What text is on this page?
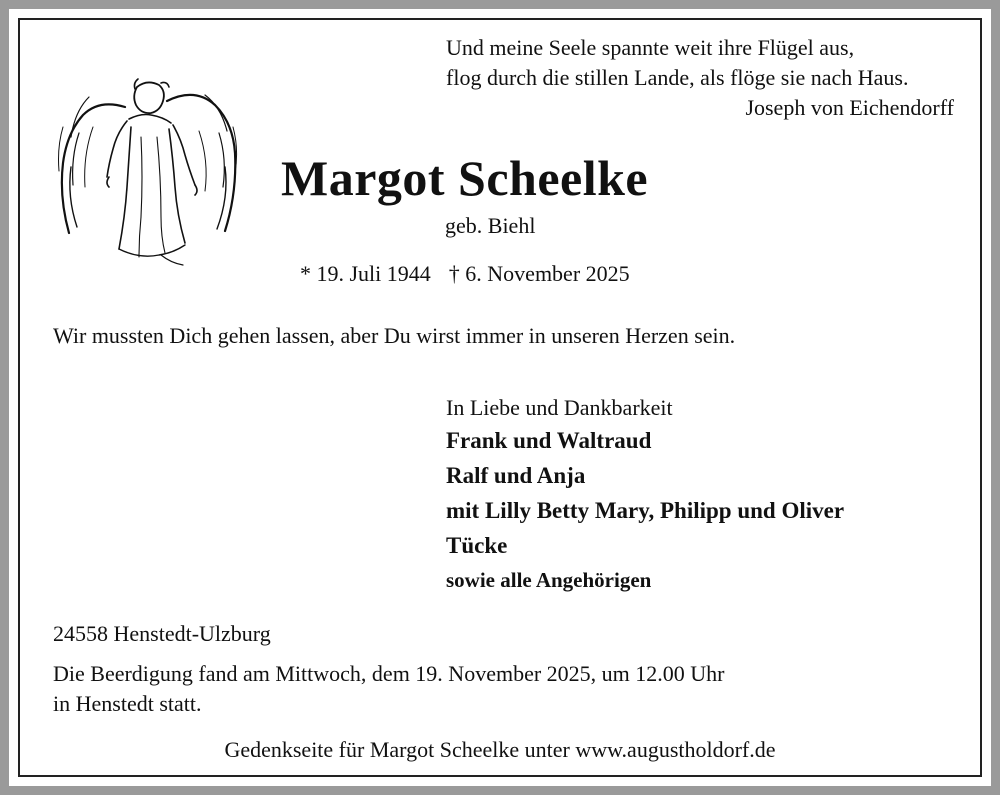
Und meine Seele spannte weit ihre Flügel aus,
flog durch die stillen Lande, als flöge sie nach Haus.
Joseph von Eichendorff
Margot Scheelke
geb. Biehl
* 19. Juli 1944 † 6. November 2025
Wir mussten Dich gehen lassen, aber Du wirst immer in unseren Herzen sein.
In Liebe und Dankbarkeit
Frank und Waltraud
Ralf und Anja
mit Lilly Betty Mary, Philipp und Oliver
Tücke
sowie alle Angehörigen
24558 Henstedt-Ulzburg
Die Beerdigung fand am Mittwoch, dem 19. November 2025, um 12.00 Uhr
in Henstedt statt.
Gedenkseite für Margot Scheelke unter www.augustholdorf.de
